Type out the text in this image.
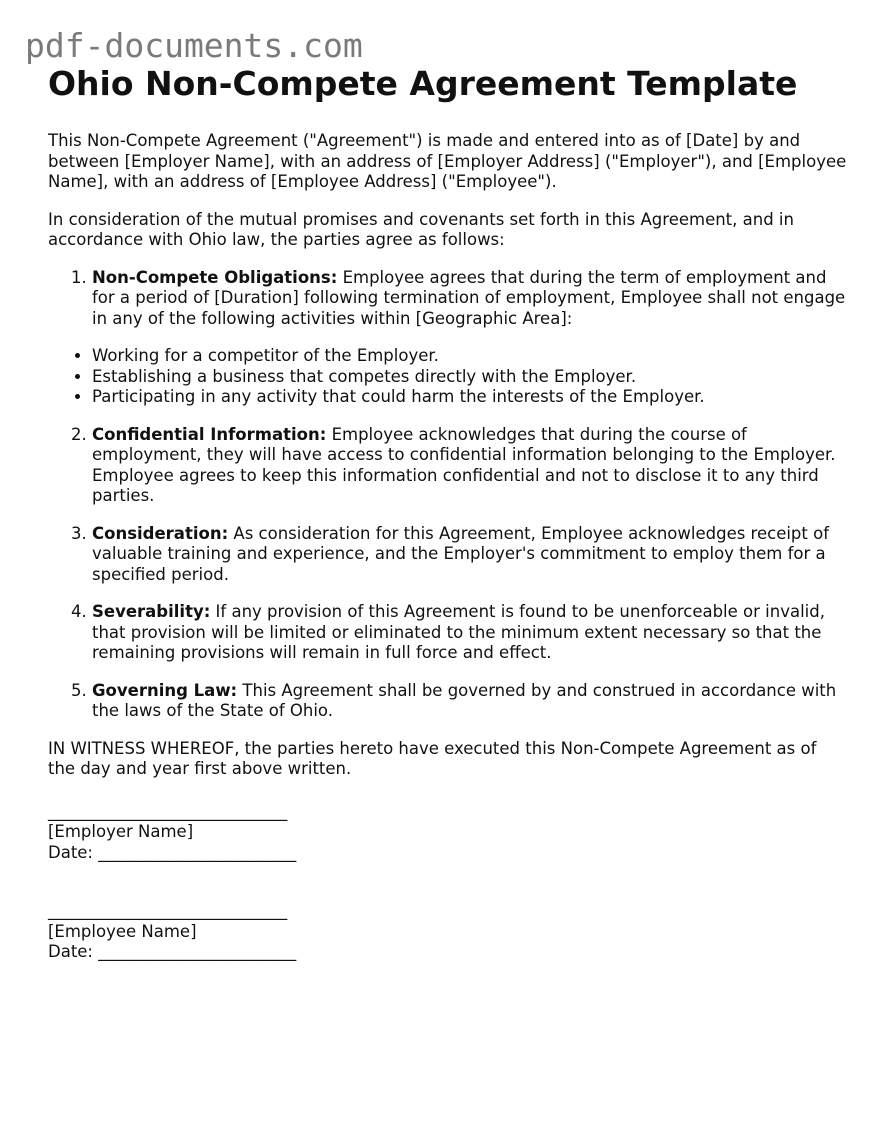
pdf-documents.com
Ohio Non-Compete Agreement Template

This Non-Compete Agreement ("Agreement") is made and entered into as of [Date] by and between [Employer Name], with an address of [Employer Address] ("Employer"), and [Employee Name], with an address of [Employee Address] ("Employee").

In consideration of the mutual promises and covenants set forth in this Agreement, and in accordance with Ohio law, the parties agree as follows:

1. Non-Compete Obligations: Employee agrees that during the term of employment and for a period of [Duration] following termination of employment, Employee shall not engage in any of the following activities within [Geographic Area]:
• Working for a competitor of the Employer.
• Establishing a business that competes directly with the Employer.
• Participating in any activity that could harm the interests of the Employer.
2. Confidential Information: Employee acknowledges that during the course of employment, they will have access to confidential information belonging to the Employer. Employee agrees to keep this information confidential and not to disclose it to any third parties.
3. Consideration: As consideration for this Agreement, Employee acknowledges receipt of valuable training and experience, and the Employer's commitment to employ them for a specified period.
4. Severability: If any provision of this Agreement is found to be unenforceable or invalid, that provision will be limited or eliminated to the minimum extent necessary so that the remaining provisions will remain in full force and effect.
5. Governing Law: This Agreement shall be governed by and construed in accordance with the laws of the State of Ohio.

IN WITNESS WHEREOF, the parties hereto have executed this Non-Compete Agreement as of the day and year first above written.

_____________________________
[Employer Name]
Date: ________________________
_____________________________
[Employee Name]
Date: ________________________
